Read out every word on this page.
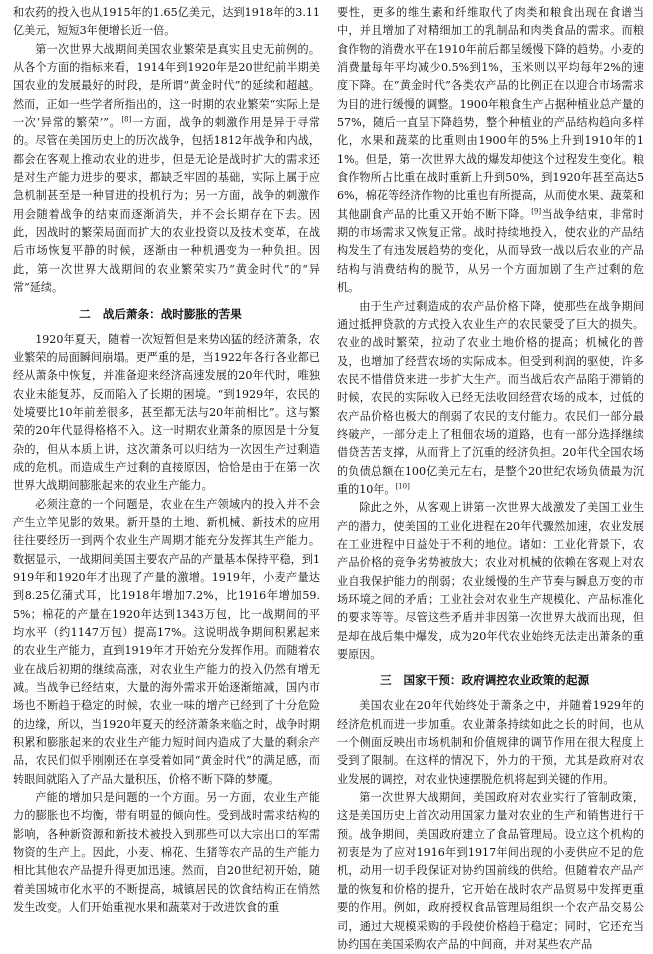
和农药的投入也从1915年的1.65亿美元，达到1918年的3.11亿美元，短短3年便增长近一倍。

第一次世界大战期间美国农业繁荣是真实且史无前例的。从各个方面的指标来看，1914年到1920年是20世纪前半期美国农业的发展最好的时段，是所谓“黄金时代”的延续和超越。然而，正如一些学者所指出的，这一时期的农业繁荣“实际上是一次‘异常的繁荣’”。[8]一方面，战争的刺激作用是异于寻常的。尽管在美国历史上的历次战争，包括1812年战争和内战，都会在客观上推动农业的进步，但是无论是战时扩大的需求还是对生产能力进步的要求，都缺乏牢固的基础，实际上属于应急机制甚至是一种冒进的投机行为；另一方面，战争的刺激作用会随着战争的结束而逐渐消失，并不会长期存在下去。因此，因战时的繁荣局面而扩大的农业投资以及技术变革，在战后市场恢复平静的时候，逐渐由一种机遇变为一种负担。因此，第一次世界大战期间的农业繁荣实乃“黄金时代”的“异常”延续。

二 战后萧条：战时膨胀的苦果

1920年夏天，随着一次短暂但是来势凶猛的经济萧条，农业繁荣的局面瞬间崩塌。更严重的是，当1922年各行各业都已经从萧条中恢复，并准备迎来经济高速发展的20年代时，唯独农业未能复苏，反而陷入了长期的困境。“到1929年，农民的处境要比10年前差很多，甚至都无法与20年前相比”。这与繁荣的20年代显得格格不入。这一时期农业萧条的原因是十分复杂的，但从本质上讲，这次萧条可以归结为一次因生产过剩造成的危机。而造成生产过剩的直接原因，恰恰是由于在第一次世界大战期间膨胀起来的农业生产能力。

必须注意的一个问题是，农业在生产领域内的投入并不会产生立竿见影的效果。新开垦的土地、新机械、新技术的应用往往要经历一到两个农业生产周期才能充分发挥其生产能力。数据显示，一战期间美国主要农产品的产量基本保持平稳，到1919年和1920年才出现了产量的激增。1919年，小麦产量达到8.25亿蒲式耳，比1918年增加7.2%，比1916年增加59.5%；棉花的产量在1920年达到1343万包，比一战期间的平均水平（约1147万包）提高17%。这说明战争期间积累起来的农业生产能力，直到1919年才开始充分发挥作用。而随着农业在战后初期的继续高涨，对农业生产能力的投入仍然有增无减。当战争已经结束，大量的海外需求开始逐渐缩减，国内市场也不断趋于稳定的时候，农业一味的增产已经到了十分危险的边缘，所以，当1920年夏天的经济萧条来临之时，战争时期积累和膨胀起来的农业生产能力短时间内造成了大量的剩余产品，农民们似乎刚刚还在享受着如同“黄金时代”的满足感，而转眼间就陷入了产品大量积压，价格不断下降的梦魇。

产能的增加只是问题的一个方面。另一方面，农业生产能力的膨胀也不均衡，带有明显的倾向性。受到战时需求结构的影响，各种新资源和新技术被投入到那些可以大宗出口的军需物资的生产上。因此，小麦、棉花、生猪等农产品的生产能力相比其他农产品提升得更加迅速。然而，自20世纪初开始，随着美国城市化水平的不断提高，城镇居民的饮食结构正在悄然发生改变。人们开始重视水果和蔬菜对于改进饮食的重

要性，更多的维生素和纤维取代了肉类和粮食出现在食谱当中，并且增加了对精细加工的乳制品和肉类食品的需求。而粮食作物的消费水平在1910年前后都呈缓慢下降的趋势。小麦的消费量每年平均减少0.5%到1%，玉米则以平均每年2%的速度下降。在“黄金时代”各类农产品的比例正在以迎合市场需求为目的进行缓慢的调整。1900年粮食生产占据种植业总产量的57%，随后一直呈下降趋势，整个种植业的产品结构趋向多样化，水果和蔬菜的比重则由1900年的5%上升到1910年的11%。但是，第一次世界大战的爆发却使这个过程发生变化。粮食作物所占比重在战时重新上升到50%，到1920年甚至高达56%，棉花等经济作物的比重也有所提高，从而使水果、蔬菜和其他副食产品的比重又开始不断下降。[9]当战争结束，非常时期的市场需求又恢复正常。战时持续地投入，使农业的产品结构发生了有违发展趋势的变化，从而导致一战以后农业的产品结构与消费结构的脱节，从另一个方面加剧了生产过剩的危机。

由于生产过剩造成的农产品价格下降，使那些在战争期间通过抵押贷款的方式投入农业生产的农民蒙受了巨大的损失。农业的战时繁荣，拉动了农业土地价格的提高；机械化的普及，也增加了经营农场的实际成本。但受到利润的驱使，许多农民不惜借贷来进一步扩大生产。而当战后农产品陷于滞销的时候，农民的实际收入已经无法收回经营农场的成本，过低的农产品价格也极大的削弱了农民的支付能力。农民们一部分最终破产，一部分走上了租佃农场的道路，也有一部分选择继续借贷苦苦支撑，从而背上了沉重的经济负担。20年代全国农场的负债总额在100亿美元左右，是整个20世纪农场负债最为沉重的10年。[10]

除此之外，从客观上讲第一次世界大战激发了美国工业生产的潜力，使美国的工业化进程在20年代骤然加速，农业发展在工业进程中日益处于不利的地位。诸如：工业化背景下，农产品价格的竞争劣势被放大；农业对机械的依赖在客观上对农业自我保护能力的削弱；农业缓慢的生产节奏与瞬息万变的市场环境之间的矛盾；工业社会对农业生产规模化、产品标准化的要求等等。尽管这些矛盾并非因第一次世界大战而出现，但是却在战后集中爆发，成为20年代农业始终无法走出萧条的重要原因。

三 国家干预：政府调控农业政策的起源

美国农业在20年代始终处于萧条之中，并随着1929年的经济危机而进一步加重。农业萧条持续如此之长的时间，也从一个侧面反映出市场机制和价值规律的调节作用在很大程度上受到了限制。在这样的情况下，外力的干预，尤其是政府对农业发展的调控，对农业快速摆脱危机将起到关键的作用。

第一次世界大战期间，美国政府对农业实行了管制政策，这是美国历史上首次动用国家力量对农业的生产和销售进行干预。战争期间，美国政府建立了食品管理局。设立这个机构的初衷是为了应对1916年到1917年间出现的小麦供应不足的危机，动用一切手段保证对协约国前线的供给。但随着农产品产量的恢复和价格的提升，它开始在战时农产品贸易中发挥更重要的作用。例如，政府授权食品管理局组织一个农产品交易公司，通过大规模采购的手段使价格趋于稳定；同时，它还充当协约国在美国采购农产品的中间商，并对某些农产品
